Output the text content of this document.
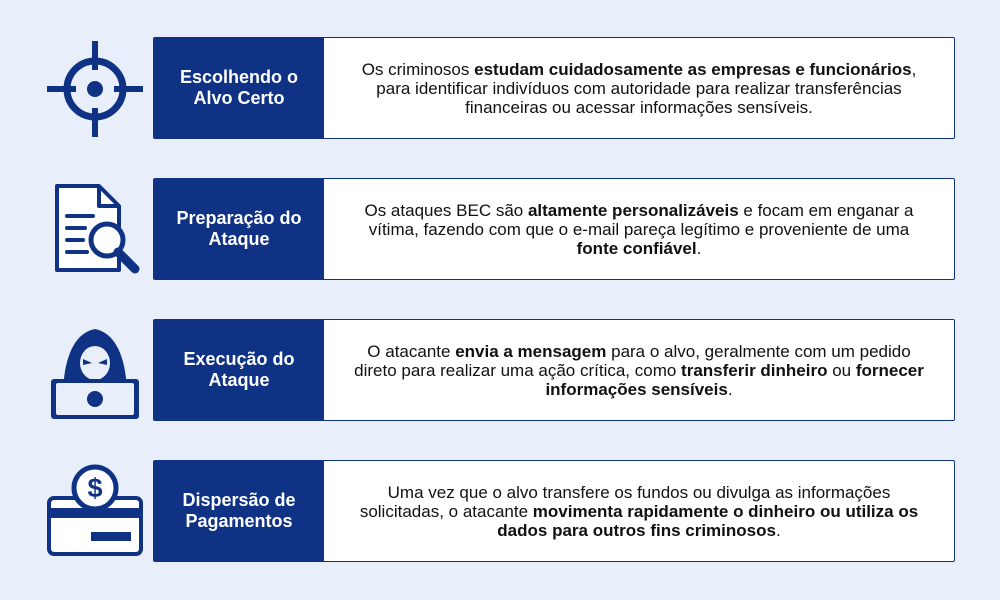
Escolhendo o Alvo Certo
Os criminosos estudam cuidadosamente as empresas e funcionários, para identificar indivíduos com autoridade para realizar transferências financeiras ou acessar informações sensíveis.
Preparação do Ataque
Os ataques BEC são altamente personalizáveis e focam em enganar a vítima, fazendo com que o e-mail pareça legítimo e proveniente de uma fonte confiável.
Execução do Ataque
O atacante envia a mensagem para o alvo, geralmente com um pedido direto para realizar uma ação crítica, como transferir dinheiro ou fornecer informações sensíveis.
$	Dispersão de Pagamentos
Uma vez que o alvo transfere os fundos ou divulga as informações solicitadas, o atacante movimenta rapidamente o dinheiro ou utiliza os dados para outros fins criminosos.
